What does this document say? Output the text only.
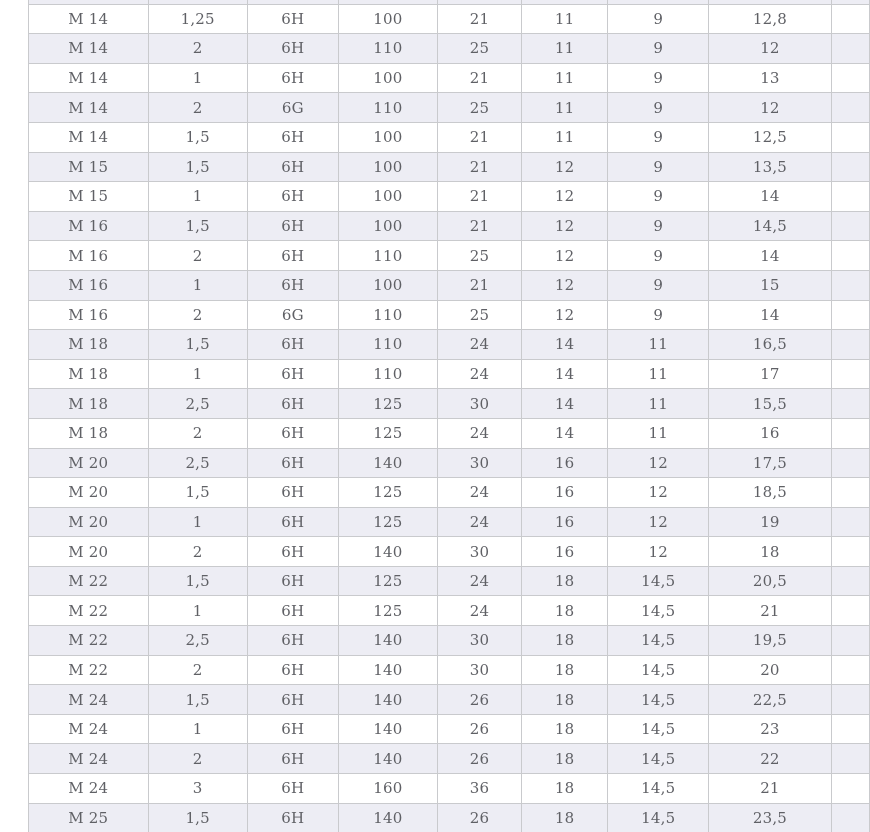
M 14	1,25	6H	100	21	11	9	12,8	
M 14	2	6H	110	25	11	9	12	
M 14	1	6H	100	21	11	9	13	
M 14	2	6G	110	25	11	9	12	
M 14	1,5	6H	100	21	11	9	12,5	
M 15	1,5	6H	100	21	12	9	13,5	
M 15	1	6H	100	21	12	9	14	
M 16	1,5	6H	100	21	12	9	14,5	
M 16	2	6H	110	25	12	9	14	
M 16	1	6H	100	21	12	9	15	
M 16	2	6G	110	25	12	9	14	
M 18	1,5	6H	110	24	14	11	16,5	
M 18	1	6H	110	24	14	11	17	
M 18	2,5	6H	125	30	14	11	15,5	
M 18	2	6H	125	24	14	11	16	
M 20	2,5	6H	140	30	16	12	17,5	
M 20	1,5	6H	125	24	16	12	18,5	
M 20	1	6H	125	24	16	12	19	
M 20	2	6H	140	30	16	12	18	
M 22	1,5	6H	125	24	18	14,5	20,5	
M 22	1	6H	125	24	18	14,5	21	
M 22	2,5	6H	140	30	18	14,5	19,5	
M 22	2	6H	140	30	18	14,5	20	
M 24	1,5	6H	140	26	18	14,5	22,5	
M 24	1	6H	140	26	18	14,5	23	
M 24	2	6H	140	26	18	14,5	22	
M 24	3	6H	160	36	18	14,5	21	
M 25	1,5	6H	140	26	18	14,5	23,5	
